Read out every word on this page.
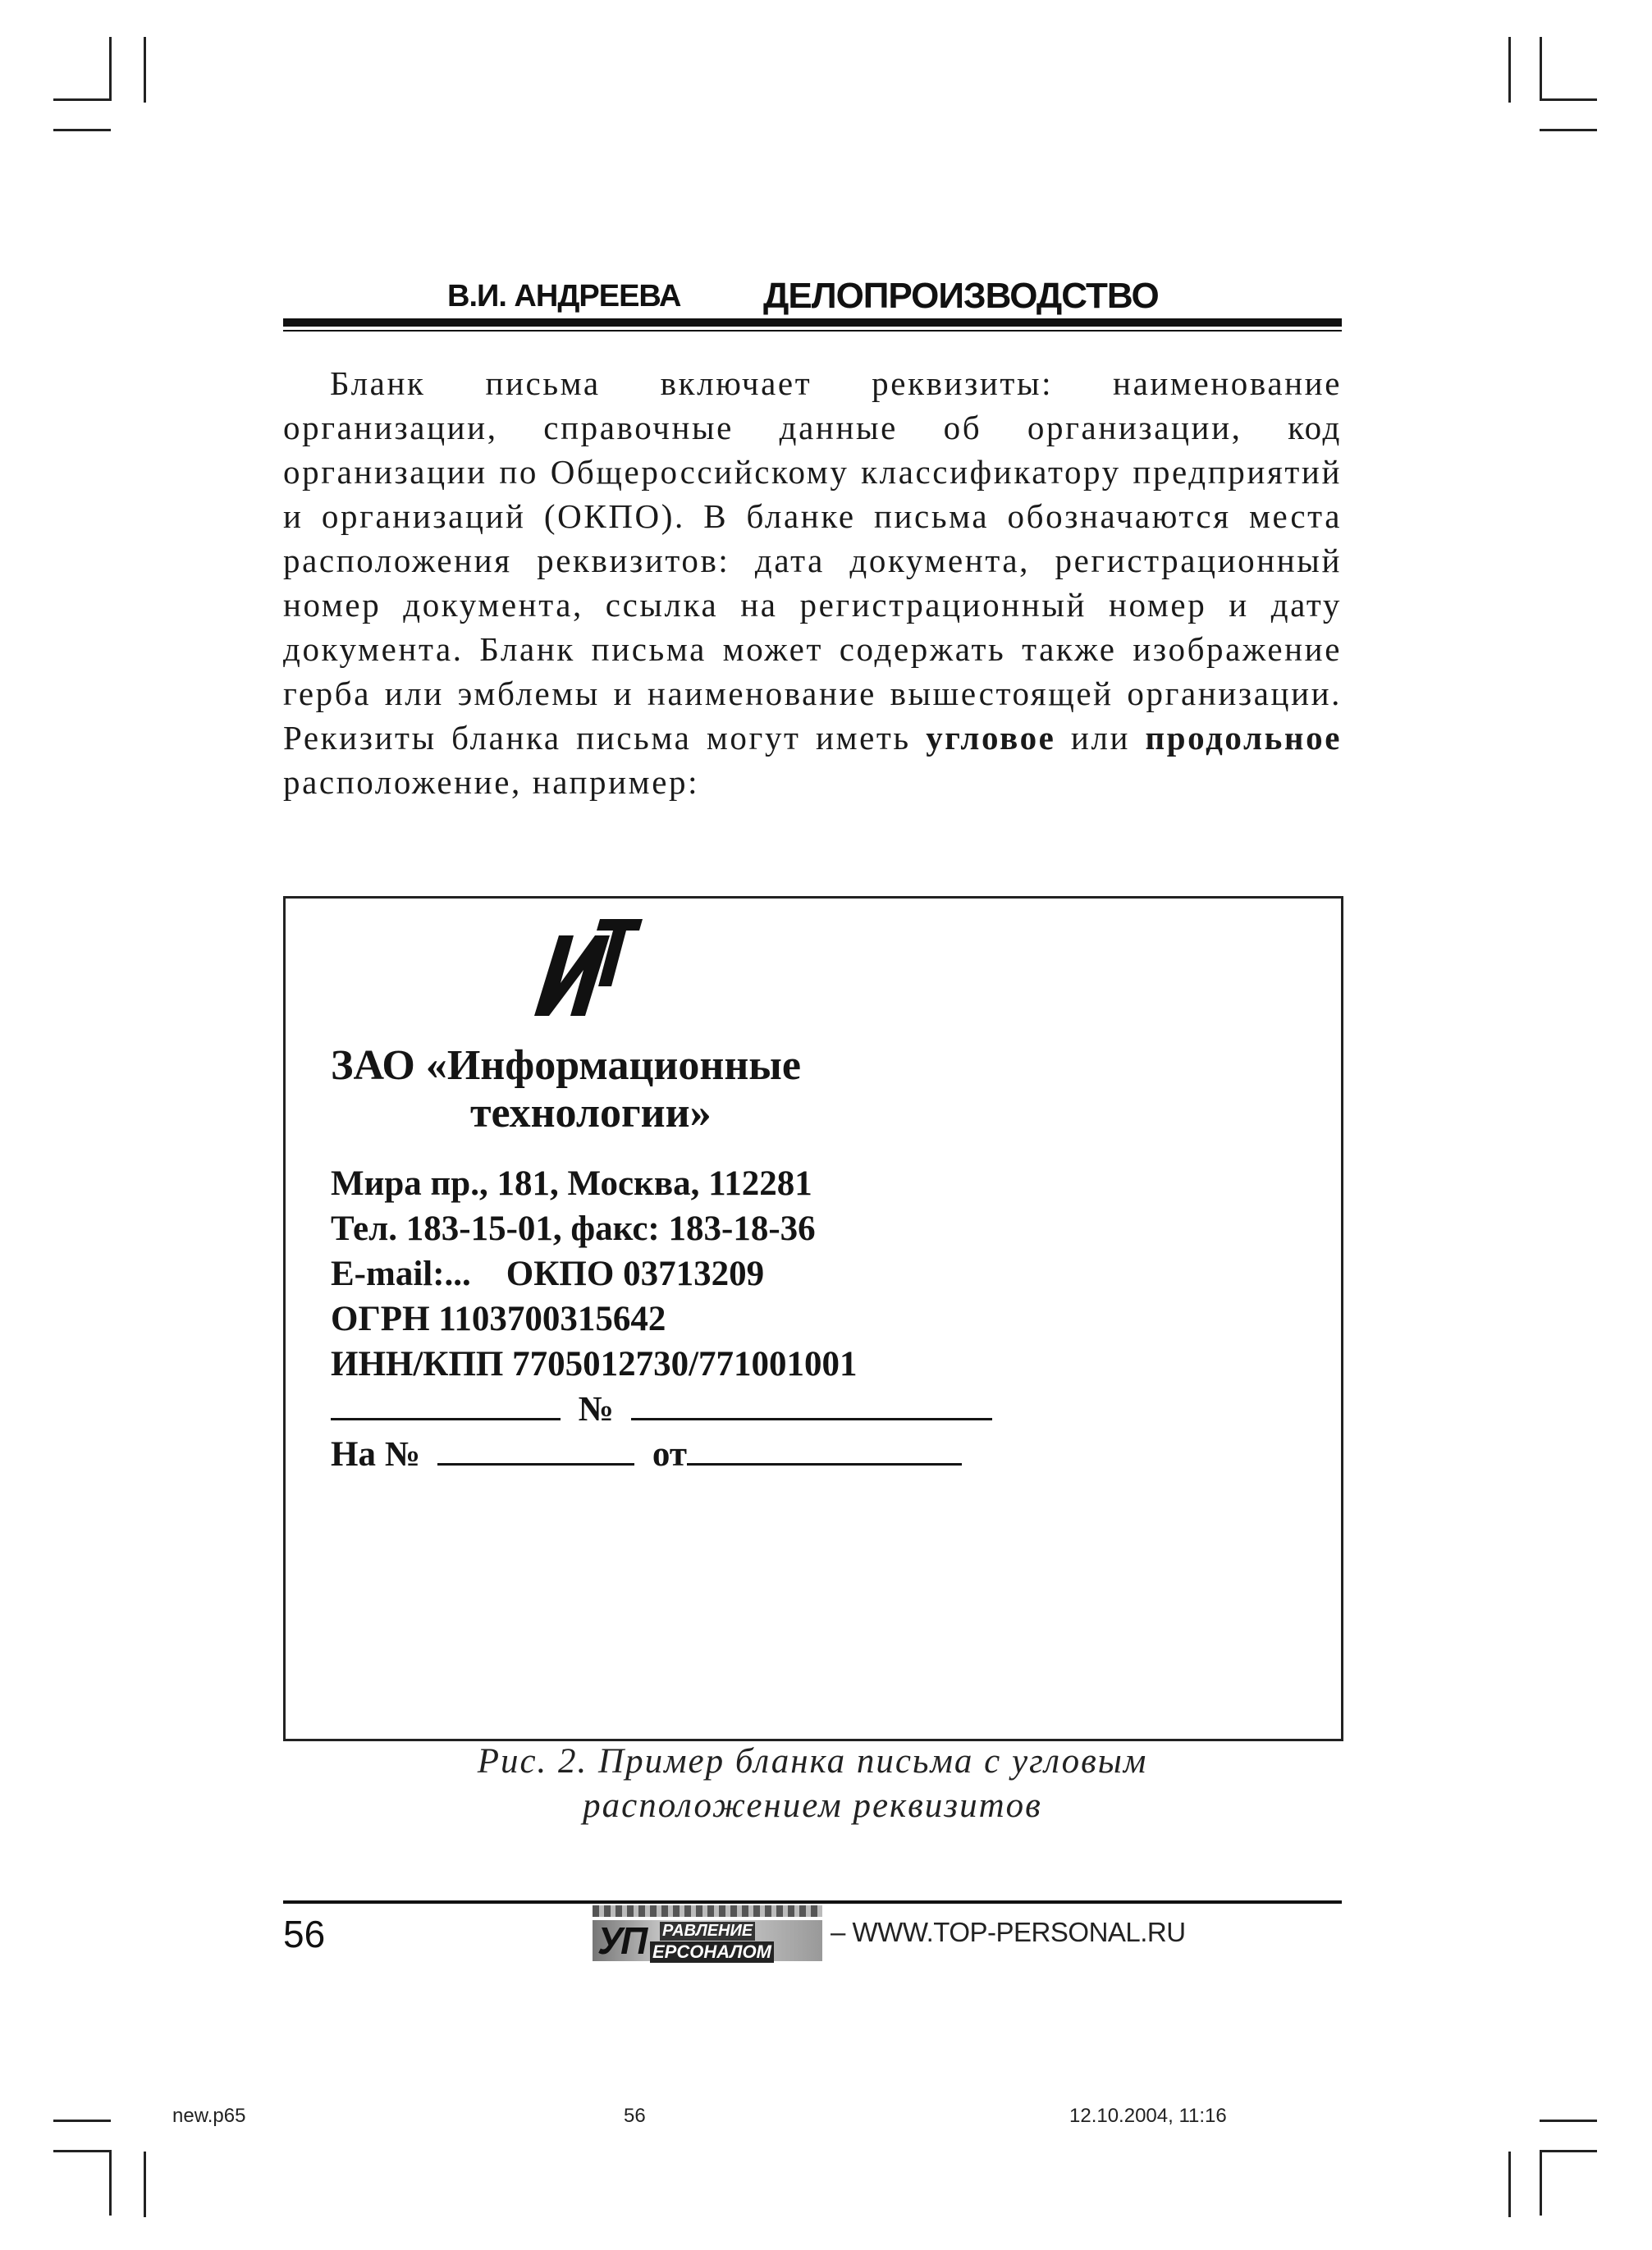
В.И. АНДРЕЕВА ДЕЛОПРОИЗВОДСТВО

Бланк письма включает реквизиты: наименование организации, справочные данные об организации, код организации по Общероссийскому классификатору предприятий и организаций (ОКПО). В бланке письма обозначаются места расположения реквизитов: дата документа, регистрационный номер документа, ссылка на регистрационный номер и дату документа. Бланк письма может содержать также изображение герба или эмблемы и наименование вышестоящей организации. Рекизиты бланка письма могут иметь угловое или продольное расположение, например:

ЗАО «Информационные
технологии»
Мира пр., 181, Москва, 112281
Тел. 183-15-01, факс: 183-18-36
E-mail:... ОКПО 03713209
ОГРН 1103700315642
ИНН/КПП 7705012730/771001001
№
На №	от
Рис. 2. Пример бланка письма с угловым
расположением реквизитов
56	УП РАВЛЕНИЕ
ЕРСОНАЛОМ
– WWW.TOP-PERSONAL.RU
new.p65	56	12.10.2004, 11:16
